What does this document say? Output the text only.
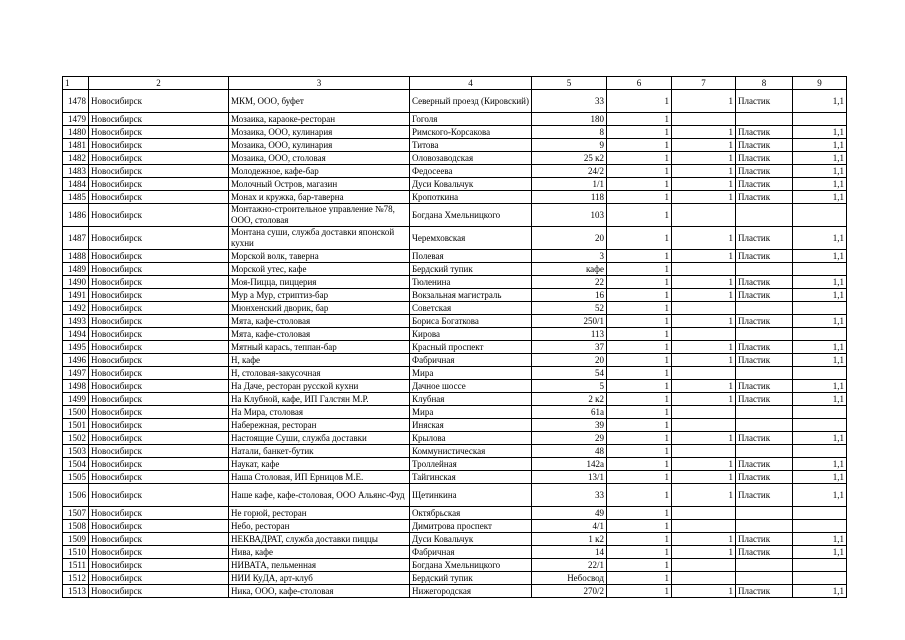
1	2	3	4	5	6	7	8	9
1478	Новосибирск	МКМ, ООО, буфет	Северный проезд (Кировский)	33	1	1	Пластик	1,1
1479	Новосибирск	Мозаика, караоке-ресторан	Гоголя	180	1			
1480	Новосибирск	Мозаика, ООО, кулинария	Римского-Корсакова	8	1	1	Пластик	1,1
1481	Новосибирск	Мозаика, ООО, кулинария	Титова	9	1	1	Пластик	1,1
1482	Новосибирск	Мозаика, ООО, столовая	Оловозаводская	25 к2	1	1	Пластик	1,1
1483	Новосибирск	Молодежное, кафе-бар	Федосеева	24/2	1	1	Пластик	1,1
1484	Новосибирск	Молочный Остров, магазин	Дуси Ковальчук	1/1	1	1	Пластик	1,1
1485	Новосибирск	Монах и кружка, бар-таверна	Кропоткина	118	1	1	Пластик	1,1
1486	Новосибирск	Монтажно-строительное управление №78, ООО, столовая	Богдана Хмельницкого	103	1			
1487	Новосибирск	Монтана суши, служба доставки японской кухни	Черемховская	20	1	1	Пластик	1,1
1488	Новосибирск	Морской волк, таверна	Полевая	3	1	1	Пластик	1,1
1489	Новосибирск	Морской утес, кафе	Бердский тупик	кафе	1			
1490	Новосибирск	Моя-Пицца, пиццерия	Тюленина	22	1	1	Пластик	1,1
1491	Новосибирск	Мур а Мур, стриптиз-бар	Вокзальная магистраль	16	1	1	Пластик	1,1
1492	Новосибирск	Мюнхенский дворик, бар	Советская	52	1			
1493	Новосибирск	Мята, кафе-столовая	Бориса Богаткова	250/1	1	1	Пластик	1,1
1494	Новосибирск	Мята, кафе-столовая	Кирова	113	1			
1495	Новосибирск	Мятный карась, теппан-бар	Красный проспект	37	1	1	Пластик	1,1
1496	Новосибирск	Н, кафе	Фабричная	20	1	1	Пластик	1,1
1497	Новосибирск	Н, столовая-закусочная	Мира	54	1			
1498	Новосибирск	На Даче, ресторан русской кухни	Дачное шоссе	5	1	1	Пластик	1,1
1499	Новосибирск	На Клубной, кафе, ИП Галстян М.Р.	Клубная	2 к2	1	1	Пластик	1,1
1500	Новосибирск	На Мира, столовая	Мира	61а	1			
1501	Новосибирск	Набережная, ресторан	Иняская	39	1			
1502	Новосибирск	Настоящие Суши, служба доставки	Крылова	29	1	1	Пластик	1,1
1503	Новосибирск	Натали, банкет-бутик	Коммунистическая	48	1			
1504	Новосибирск	Наукат, кафе	Троллейная	142а	1	1	Пластик	1,1
1505	Новосибирск	Наша Столовая, ИП Ерницов М.Е.	Тайгинская	13/1	1	1	Пластик	1,1
1506	Новосибирск	Наше кафе, кафе-столовая, ООО Альянс-Фуд	Щетинкина	33	1	1	Пластик	1,1
1507	Новосибирск	Не горюй, ресторан	Октябрьская	49	1			
1508	Новосибирск	Небо, ресторан	Димитрова проспект	4/1	1			
1509	Новосибирск	НЕКВАДРАТ, служба доставки пиццы	Дуси Ковальчук	1 к2	1	1	Пластик	1,1
1510	Новосибирск	Нива, кафе	Фабричная	14	1	1	Пластик	1,1
1511	Новосибирск	НИВАТА, пельменная	Богдана Хмельницкого	22/1	1			
1512	Новосибирск	НИИ КуДА, арт-клуб	Бердский тупик	Небосвод	1			
1513	Новосибирск	Ника, ООО, кафе-столовая	Нижегородская	270/2	1	1	Пластик	1,1
